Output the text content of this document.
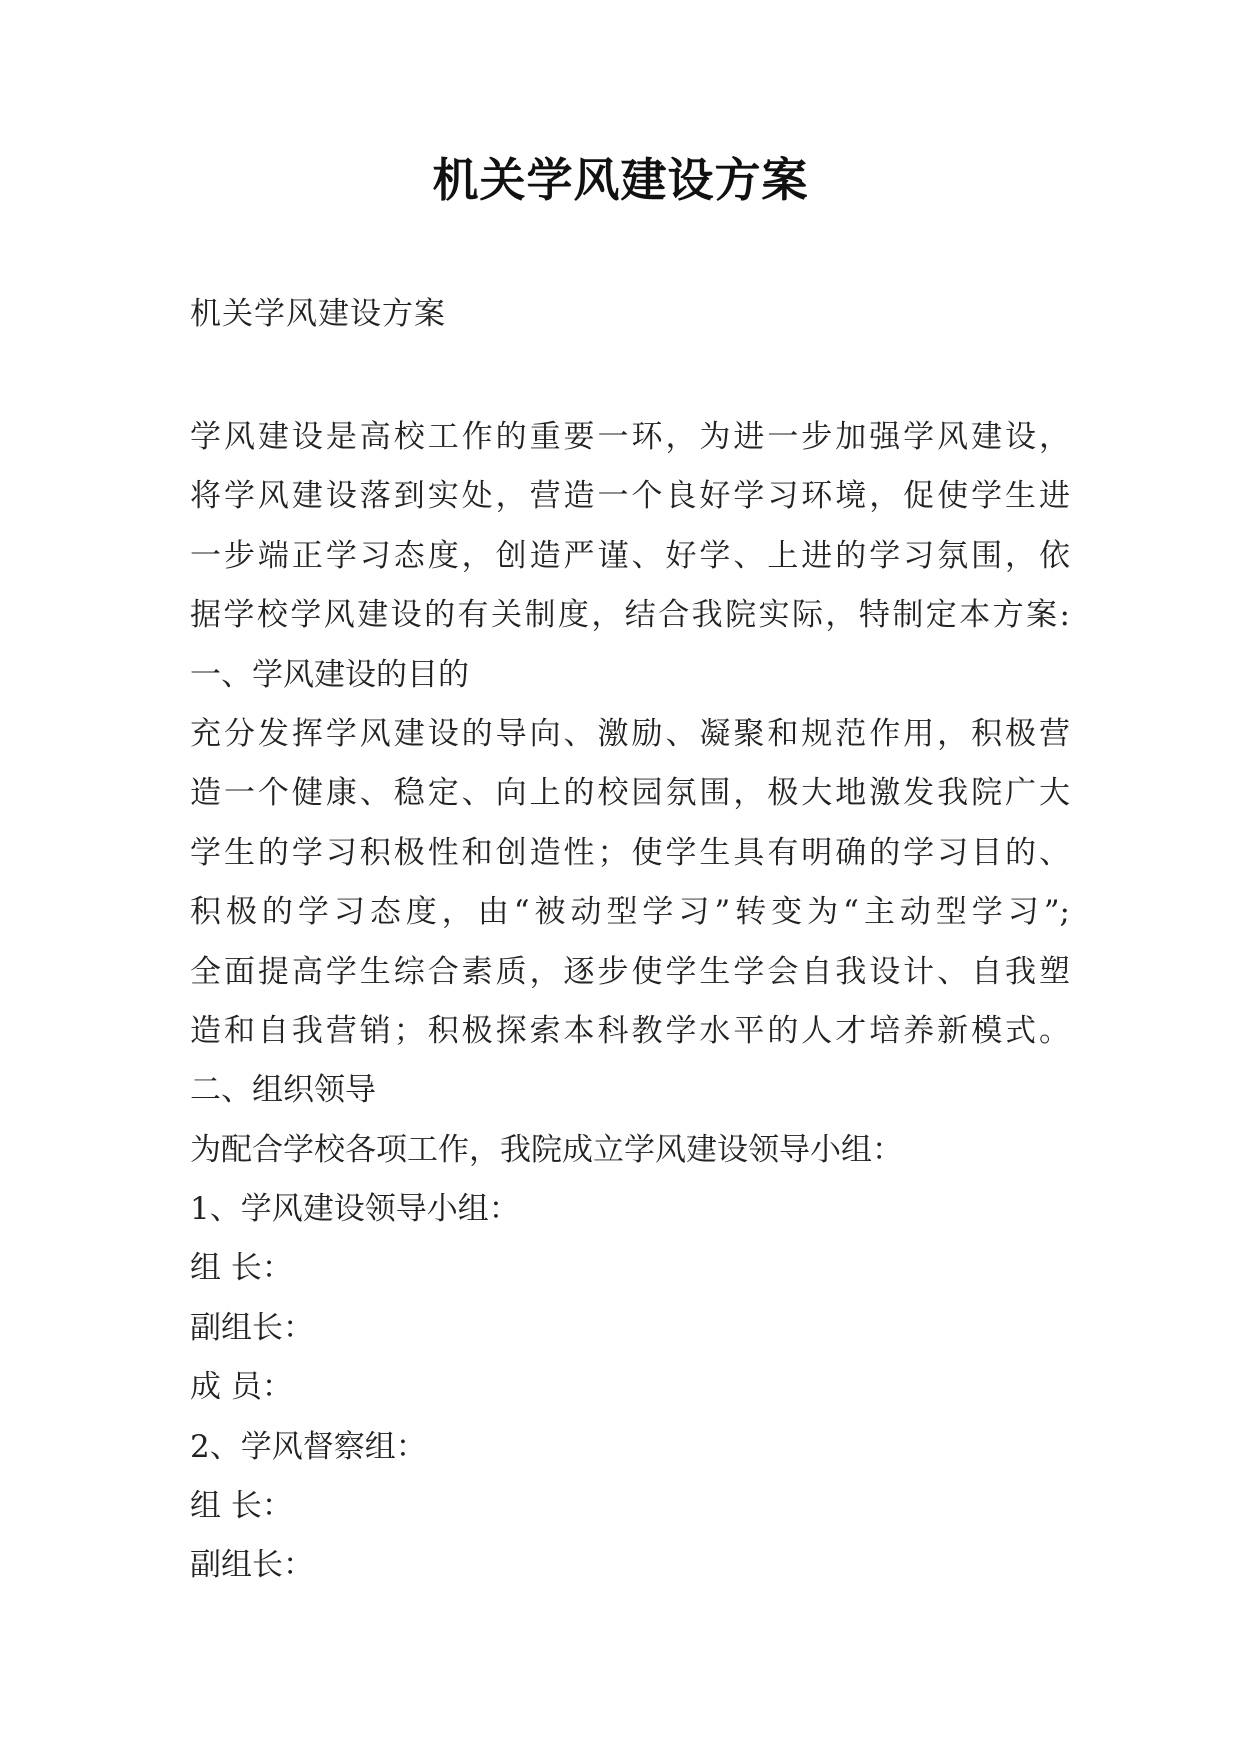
机关学风建设方案

机关学风建设方案

学风建设是高校工作的重要一环，为进一步加强学风建设，

将学风建设落到实处，营造一个良好学习环境，促使学生进

一步端正学习态度，创造严谨、好学、上进的学习氛围，依

据学校学风建设的有关制度，结合我院实际，特制定本方案:

一、学风建设的目的

充分发挥学风建设的导向、激励、凝聚和规范作用，积极营

造一个健康、稳定、向上的校园氛围，极大地激发我院广大

学生的学习积极性和创造性；使学生具有明确的学习目的、

积极的学习态度，由“被动型学习”转变为“主动型学习”;

全面提高学生综合素质，逐步使学生学会自我设计、自我塑

造和自我营销；积极探索本科教学水平的人才培养新模式。

二、组织领导

为配合学校各项工作，我院成立学风建设领导小组：

1、学风建设领导小组：

组 长：

副组长：

成 员：

2、学风督察组：

组 长：

副组长：
